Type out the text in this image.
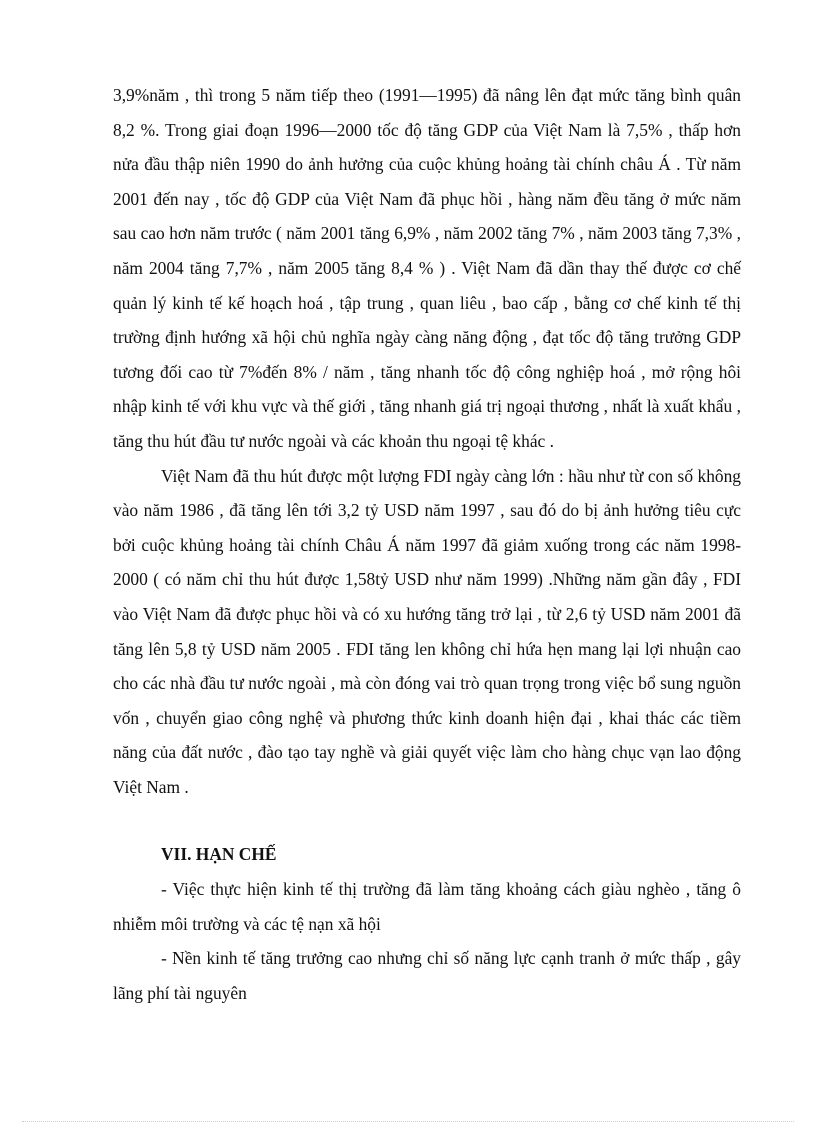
3,9%năm , thì trong 5 năm tiếp theo (1991—1995) đã nâng lên đạt mức tăng bình quân 8,2 %. Trong giai đoạn 1996—2000 tốc độ tăng GDP của Việt Nam là 7,5% , thấp hơn nửa đầu thập niên 1990 do ảnh hưởng của cuộc khủng hoảng tài chính châu Á . Từ năm 2001 đến nay , tốc độ GDP của Việt Nam đã phục hồi , hàng năm đều tăng ở mức năm sau cao hơn năm trước ( năm 2001 tăng 6,9% , năm 2002 tăng 7% , năm 2003 tăng 7,3% , năm 2004 tăng 7,7% , năm 2005 tăng 8,4 % ) . Việt Nam đã dần thay thế được cơ chế quản lý kinh tế kế hoạch hoá , tập trung , quan liêu , bao cấp , bằng cơ chế kinh tế thị trường định hướng xã hội chủ nghĩa ngày càng năng động , đạt tốc độ tăng trưởng GDP tương đối cao từ 7%đến 8% / năm , tăng nhanh tốc độ công nghiệp hoá , mở rộng hôi nhập kinh tế với khu vực và thế giới , tăng nhanh giá trị ngoại thương , nhất là xuất khẩu , tăng thu hút đầu tư nước ngoài và các khoản thu ngoại tệ khác .

Việt Nam đã thu hút được một lượng FDI ngày càng lớn : hầu như từ con số không vào năm 1986 , đã tăng lên tới 3,2 tỷ USD năm 1997 , sau đó do bị ảnh hưởng tiêu cực bởi cuộc khủng hoảng tài chính Châu Á năm 1997 đã giảm xuống trong các năm 1998-2000 ( có năm chỉ thu hút được 1,58tỷ USD như năm 1999) .Những năm gần đây , FDI vào Việt Nam đã được phục hồi và có xu hướng tăng trở lại , từ 2,6 tỷ USD năm 2001 đã tăng lên 5,8 tỷ USD năm 2005 . FDI tăng len không chỉ hứa hẹn mang lại lợi nhuận cao cho các nhà đầu tư nước ngoài , mà còn đóng vai trò quan trọng trong việc bổ sung nguồn vốn , chuyển giao công nghệ và phương thức kinh doanh hiện đại , khai thác các tiềm năng của đất nước , đào tạo tay nghề và giải quyết việc làm cho hàng chục vạn lao động Việt Nam .

VII. HẠN CHẾ

- Việc thực hiện kinh tế thị trường đã làm tăng khoảng cách giàu nghèo , tăng ô nhiễm môi trường và các tệ nạn xã hội

- Nền kinh tế tăng trưởng cao nhưng chỉ số năng lực cạnh tranh ở mức thấp , gây lãng phí tài nguyên
